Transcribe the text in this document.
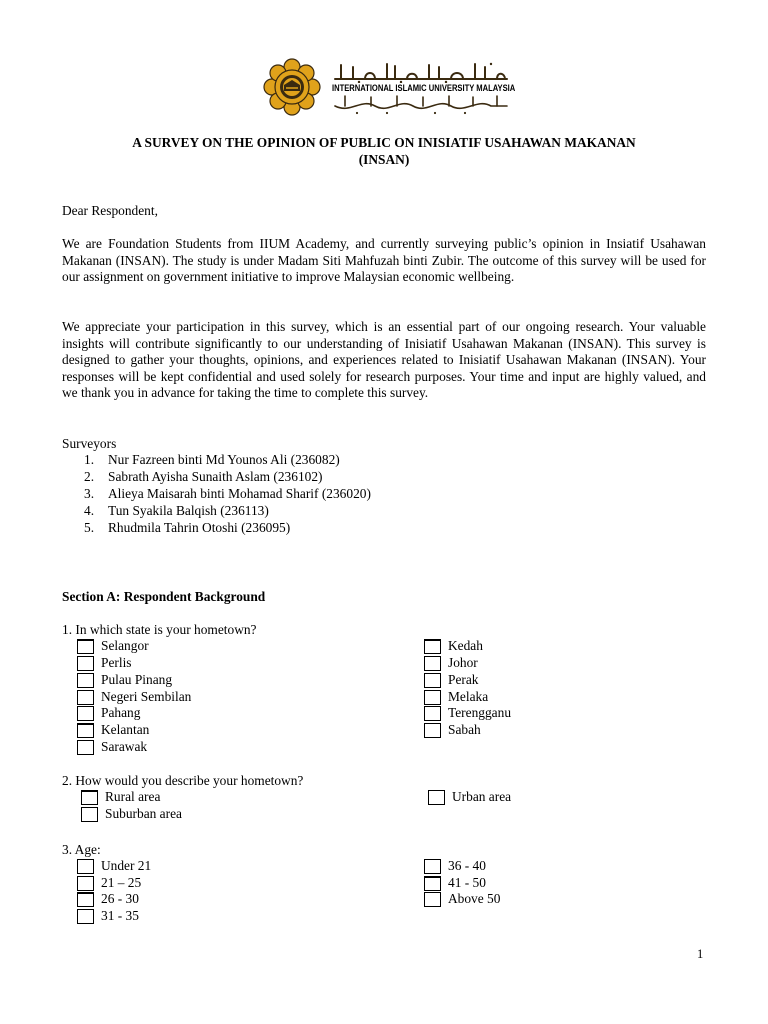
INTERNATIONAL ISLAMIC UNIVERSITY MALAYSIA
A SURVEY ON THE OPINION OF PUBLIC ON INISIATIF USAHAWAN MAKANAN
(INSAN)
Dear Respondent,
We are Foundation Students from IIUM Academy, and currently surveying public’s opinion in Insiatif Usahawan Makanan (INSAN). The study is under Madam Siti Mahfuzah binti Zubir. The outcome of this survey will be used for our assignment on government initiative to improve Malaysian economic wellbeing.
We appreciate your participation in this survey, which is an essential part of our ongoing research. Your valuable insights will contribute significantly to our understanding of Inisiatif Usahawan Makanan (INSAN). This survey is designed to gather your thoughts, opinions, and experiences related to Inisiatif Usahawan Makanan (INSAN). Your responses will be kept confidential and used solely for research purposes. Your time and input are highly valued, and we thank you in advance for taking the time to complete this survey.
Surveyors
1. Nur Fazreen binti Md Younos Ali (236082)
2. Sabrath Ayisha Sunaith Aslam (236102)
3. Alieya Maisarah binti Mohamad Sharif (236020)
4. Tun Syakila Balqish (236113)
5. Rhudmila Tahrin Otoshi (236095)
Section A: Respondent Background
1. In which state is your hometown?
Selangor
Perlis
Pulau Pinang
Negeri Sembilan
Pahang
Kelantan
Sarawak
Kedah
Johor
Perak
Melaka
Terengganu
Sabah
2. How would you describe your hometown?
Rural area
Suburban area
Urban area
3. Age:
Under 21
21 – 25
26 - 30
31 - 35
36 - 40
41 - 50
Above 50
1
